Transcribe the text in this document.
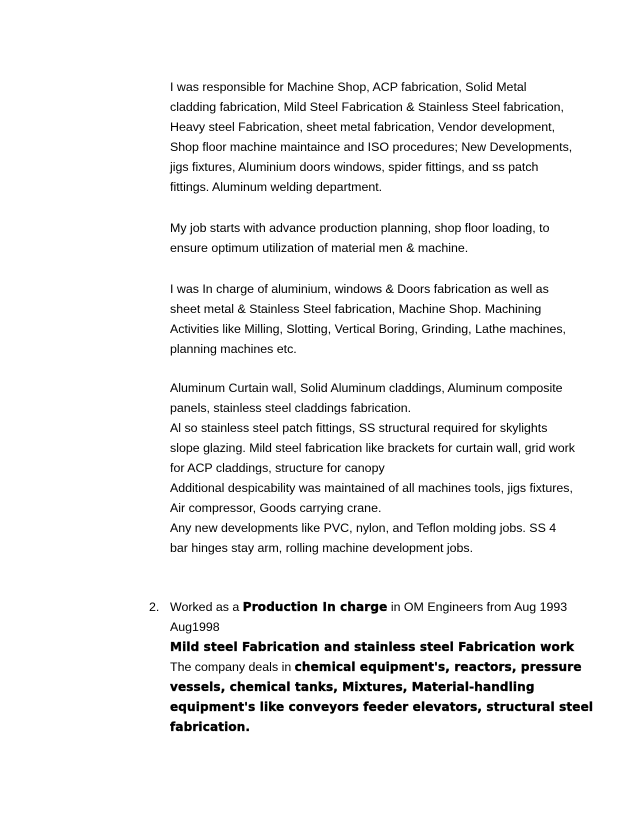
I was responsible for Machine Shop, ACP fabrication, Solid Metal
cladding fabrication, Mild Steel Fabrication & Stainless Steel fabrication,
Heavy steel Fabrication, sheet metal fabrication, Vendor development,
Shop floor machine maintaince and ISO procedures; New Developments,
jigs fixtures, Aluminium doors windows, spider fittings, and ss patch
fittings. Aluminum welding department.
My job starts with advance production planning, shop floor loading, to
ensure optimum utilization of material men & machine.
I was In charge of aluminium, windows & Doors fabrication as well as
sheet metal & Stainless Steel fabrication, Machine Shop. Machining
Activities like Milling, Slotting, Vertical Boring, Grinding, Lathe machines,
planning machines etc.
Aluminum Curtain wall, Solid Aluminum claddings, Aluminum composite
panels, stainless steel claddings fabrication.
Al so stainless steel patch fittings, SS structural required for skylights
slope glazing. Mild steel fabrication like brackets for curtain wall, grid work
for ACP claddings, structure for canopy
Additional despicability was maintained of all machines tools, jigs fixtures,
Air compressor, Goods carrying crane.
Any new developments like PVC, nylon, and Teflon molding jobs. SS 4
bar hinges stay arm, rolling machine development jobs.
2. Worked as a Production In charge in OM Engineers from Aug 1993
Aug1998
Mild steel Fabrication and stainless steel Fabrication work
The company deals in chemical equipment's, reactors, pressure
vessels, chemical tanks, Mixtures, Material-handling
equipment's like conveyors feeder elevators, structural steel
fabrication.
